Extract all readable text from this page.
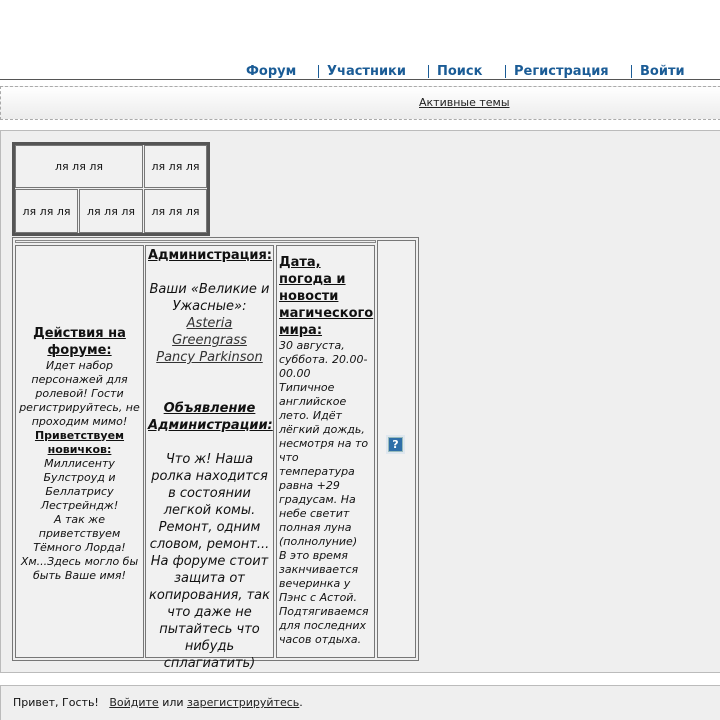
Форум Участники Поиск Регистрация Войти
Активные темы
ля ля ля	ля ля ля
ля ля ля	ля ля ля	ля ля ля
Действия на форуме:
Идет набор персонажей для ролевой! Гости регистрируйтесь, не проходим мимо!
Приветствуем новичков:
Миллисенту Булстроуд и Беллатрису Лестрейндж!
А так же приветствуем Тёмного Лорда!
Хм...Здесь могло бы быть Ваше имя!
Администрация:
Ваши «Великие и Ужасные»:
Asteria Greengrass
Pancy Parkinson
Объявление Администрации:
Что ж! Наша ролка находится в состоянии легкой комы. Ремонт, одним словом, ремонт... На форуме стоит защита от копирования, так что даже не пытайтесь что нибудь сплагиатить)
Дата, погода и новости магического мира:
30 августа, суббота. 20.00-00.00
Типичное английское лето. Идёт лёгкий дождь, несмотря на то что температура равна +29 градусам. На небе светит полная луна (полнолуние)
В это время закнчивается вечеринка у Пэнс с Астой. Подтягиваемся для последних часов отдыха.
?
Привет, Гость! Войдите или зарегистрируйтесь.
